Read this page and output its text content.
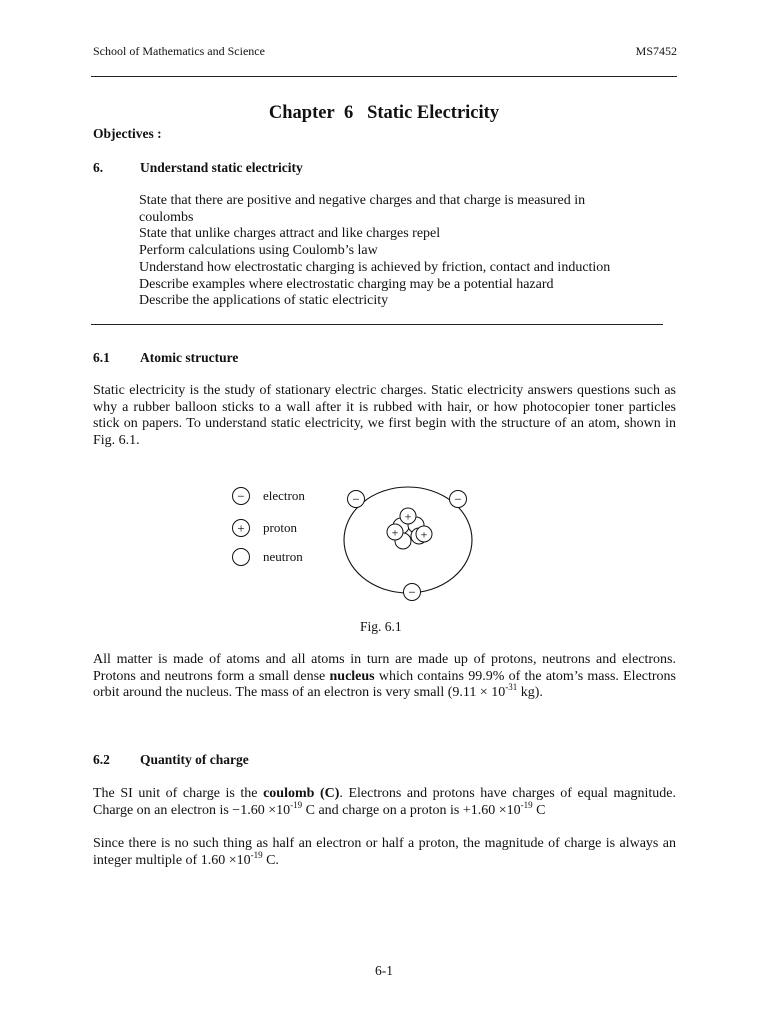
School of Mathematics and Science	MS7452
Chapter 6 Static Electricity
Objectives :
6.	Understand static electricity
State that there are positive and negative charges and that charge is measured in
coulombs
State that unlike charges attract and like charges repel
Perform calculations using Coulomb’s law
Understand how electrostatic charging is achieved by friction, contact and induction
Describe examples where electrostatic charging may be a potential hazard
Describe the applications of static electricity
6.1 Atomic structure
Static electricity is the study of stationary electric charges. Static electricity answers questions such as why a rubber balloon sticks to a wall after it is rubbed with hair, or how photocopier toner particles stick on papers. To understand static electricity, we first begin with the structure of an atom, shown in Fig. 6.1.
−
+
electron
proton
neutron
+
+ +
−	−
−
Fig. 6.1
All matter is made of atoms and all atoms in turn are made up of protons, neutrons and electrons. Protons and neutrons form a small dense nucleus which contains 99.9% of the atom’s mass. Electrons orbit around the nucleus. The mass of an electron is very small ($9.11 \times 10^{-31}$ kg).
6.2 Quantity of charge
The SI unit of charge is the coulomb (C). Electrons and protons have charges of equal magnitude. Charge on an electron is $-1.60 \times 10^{-19}$ C and charge on a proton is $+1.60 \times 10^{-19}$ C
Since there is no such thing as half an electron or half a proton, the magnitude of charge is always an integer multiple of $1.60 \times 10^{-19}$ C.
6-1
